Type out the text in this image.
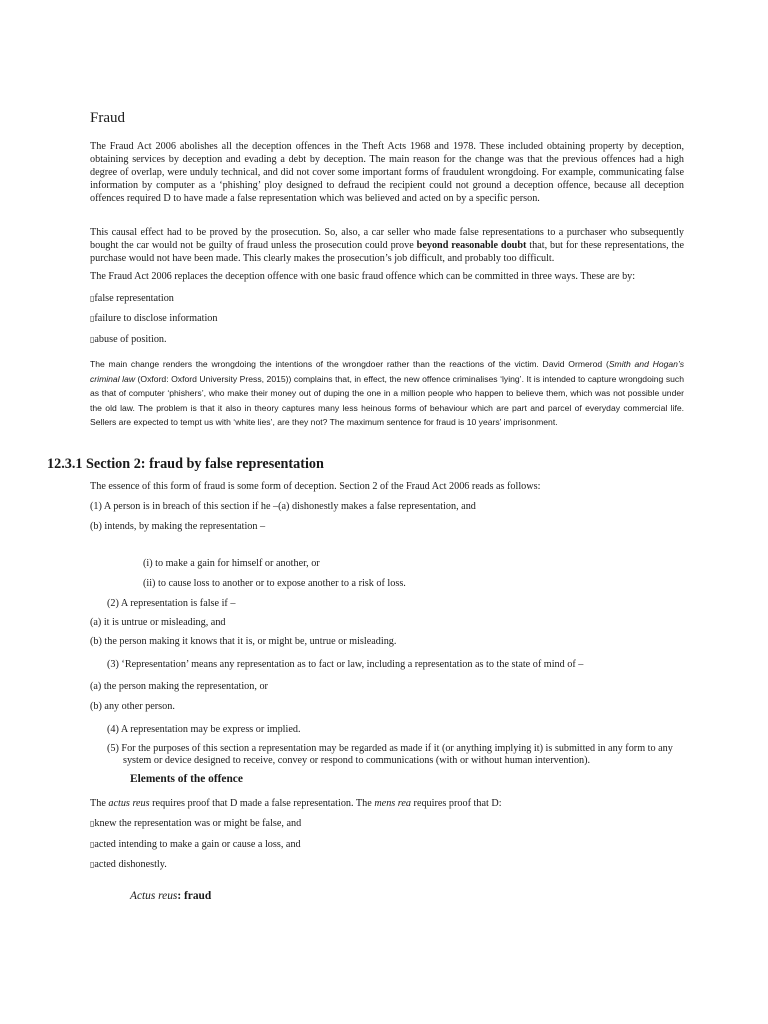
Fraud
The Fraud Act 2006 abolishes all the deception offences in the Theft Acts 1968 and 1978. These included obtaining property by deception, obtaining services by deception and evading a debt by deception. The main reason for the change was that the previous offences had a high degree of overlap, were unduly technical, and did not cover some important forms of fraudulent wrongdoing. For example, communicating false information by computer as a ‘phishing’ ploy designed to defraud the recipient could not ground a deception offence, because all deception offences required D to have made a false representation which was believed and acted on by a specific person.
This causal effect had to be proved by the prosecution. So, also, a car seller who made false representations to a purchaser who subsequently bought the car would not be guilty of fraud unless the prosecution could prove beyond reasonable doubt that, but for these representations, the purchase would not have been made. This clearly makes the prosecution’s job difficult, and probably too difficult.
The Fraud Act 2006 replaces the deception offence with one basic fraud offence which can be committed in three ways. These are by:
▯false representation
▯failure to disclose information
▯abuse of position.
The main change renders the wrongdoing the intentions of the wrongdoer rather than the reactions of the victim. David Ormerod (Smith and Hogan’s criminal law (Oxford: Oxford University Press, 2015)) complains that, in effect, the new offence criminalises ‘lying’. It is intended to capture wrongdoing such as that of computer ‘phishers’, who make their money out of duping the one in a million people who happen to believe them, which was not possible under the old law. The problem is that it also in theory captures many less heinous forms of behaviour which are part and parcel of everyday commercial life. Sellers are expected to tempt us with ‘white lies’, are they not? The maximum sentence for fraud is 10 years’ imprisonment.
12.3.1 Section 2: fraud by false representation
The essence of this form of fraud is some form of deception. Section 2 of the Fraud Act 2006 reads as follows:
(1) A person is in breach of this section if he –(a) dishonestly makes a false representation, and
(b) intends, by making the representation –
(i) to make a gain for himself or another, or
(ii) to cause loss to another or to expose another to a risk of loss.
(2) A representation is false if –
(a) it is untrue or misleading, and
(b) the person making it knows that it is, or might be, untrue or misleading.
(3) ‘Representation’ means any representation as to fact or law, including a representation as to the state of mind of –
(a) the person making the representation, or
(b) any other person.
(4) A representation may be express or implied.
(5) For the purposes of this section a representation may be regarded as made if it (or anything implying it) is submitted in any form to any system or device designed to receive, convey or respond to communications (with or without human intervention).
Elements of the offence
The actus reus requires proof that D made a false representation. The mens rea requires proof that D:
▯knew the representation was or might be false, and
▯acted intending to make a gain or cause a loss, and
▯acted dishonestly.
Actus reus: fraud
